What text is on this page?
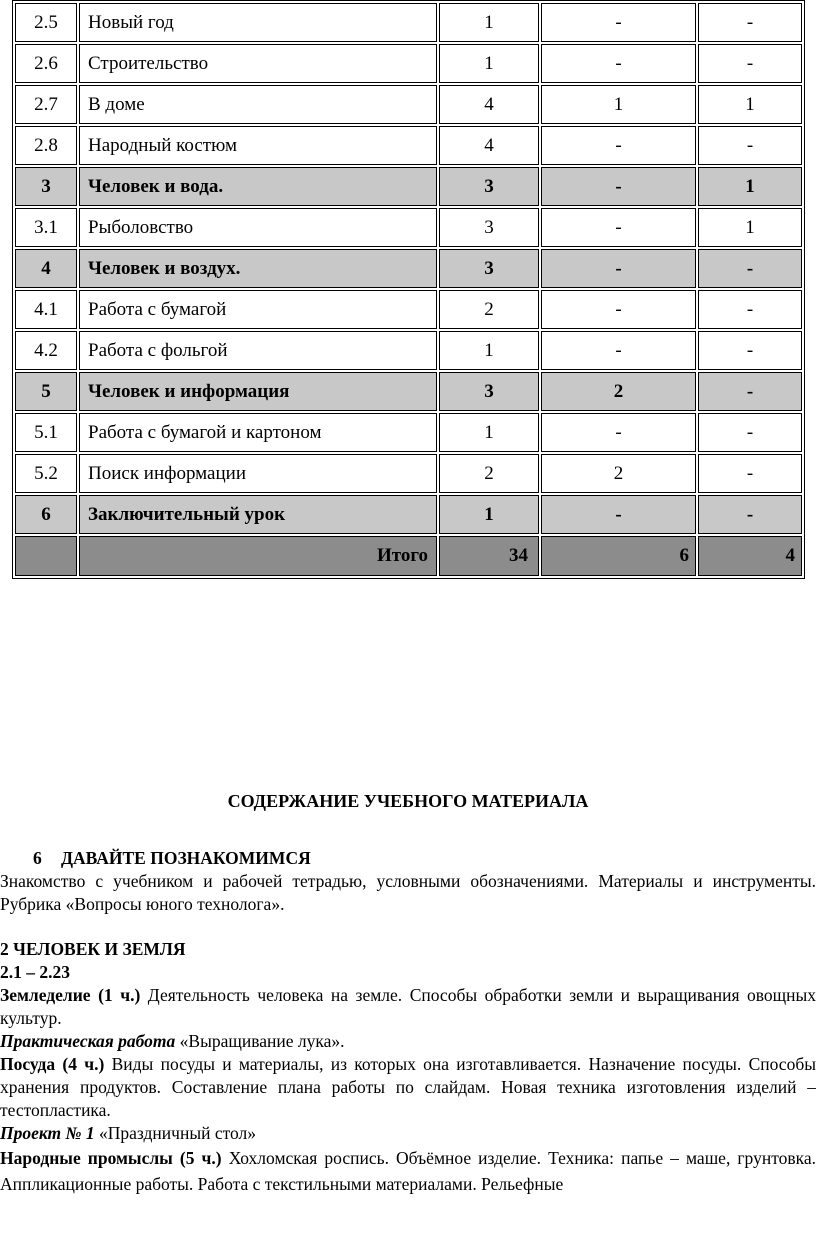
2.5	Новый год	1	-	-
2.6	Строительство	1	-	-
2.7	В доме	4	1	1
2.8	Народный костюм	4	-	-
3	Человек и вода.	3	-	1
3.1	Рыболовство	3	-	1
4	Человек и воздух.	3	-	-
4.1	Работа с бумагой	2	-	-
4.2	Работа с фольгой	1	-	-
5	Человек и информация	3	2	-
5.1	Работа с бумагой и картоном	1	-	-
5.2	Поиск информации	2	2	-
6	Заключительный урок	1	-	-
	Итого	34	6	4
СОДЕРЖАНИЕ УЧЕБНОГО МАТЕРИАЛА
6 ДАВАЙТЕ ПОЗНАКОМИМСЯ

Знакомство с учебником и рабочей тетрадью, условными обозначениями. Материалы и инструменты. Рубрика «Вопросы юного технолога».

2 ЧЕЛОВЕК И ЗЕМЛЯ
2.1 – 2.23

Земледелие (1 ч.) Деятельность человека на земле. Способы обработки земли и выращивания овощных культур.

Практическая работа «Выращивание лука».

Посуда (4 ч.) Виды посуды и материалы, из которых она изготавливается. Назначение посуды. Способы хранения продуктов. Составление плана работы по слайдам. Новая техника изготовления изделий – тестопластика.

Проект № 1 «Праздничный стол»

Народные промыслы (5 ч.) Хохломская роспись. Объёмное изделие. Техника: папье – маше, грунтовка. Аппликационные работы. Работа с текстильными материалами. Рельефные
